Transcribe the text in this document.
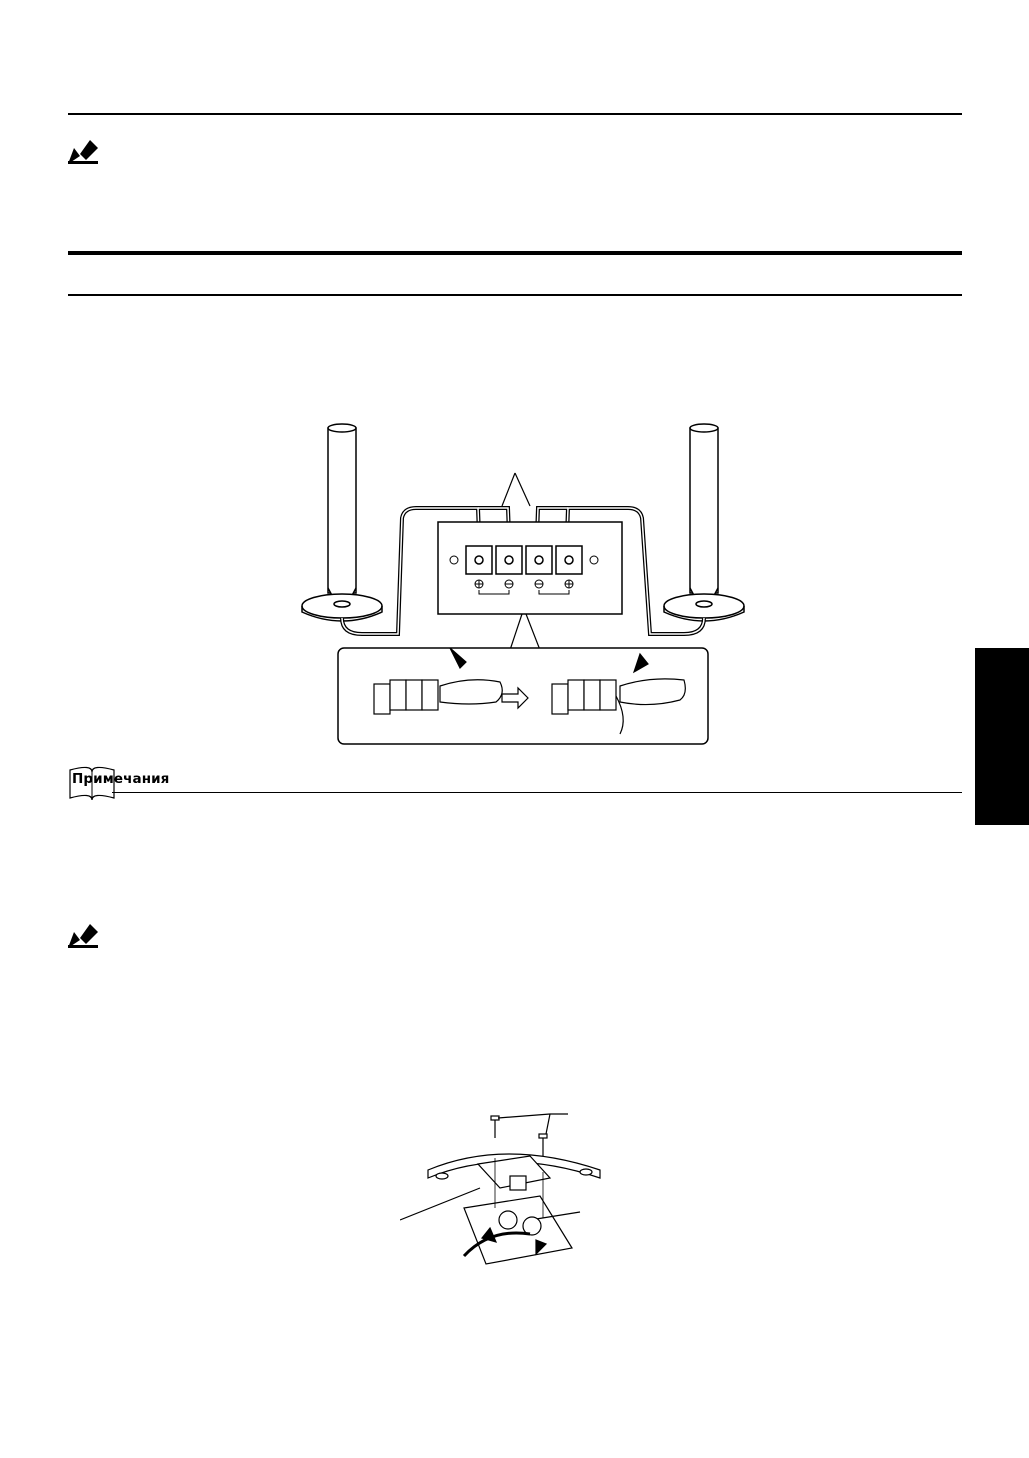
Примечания
